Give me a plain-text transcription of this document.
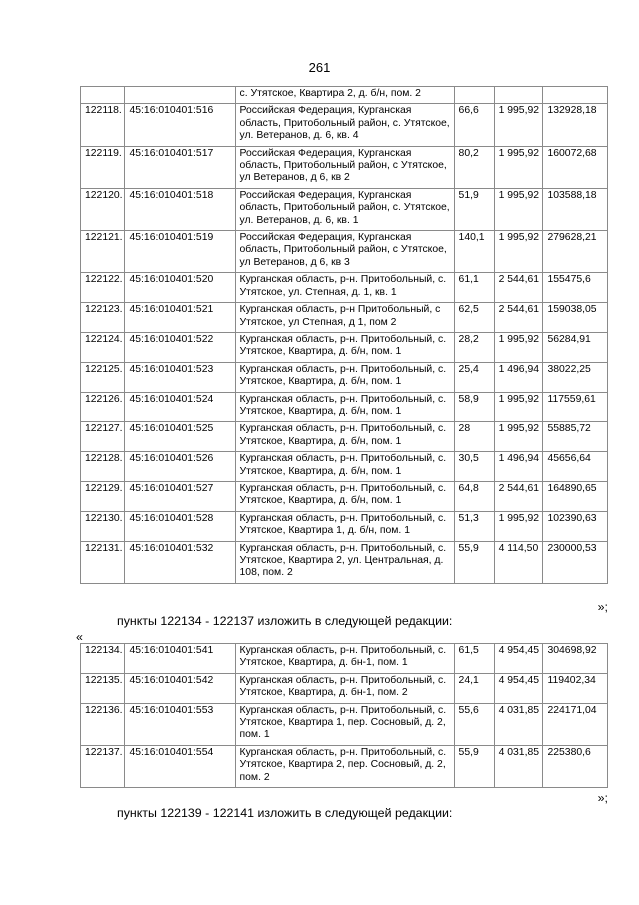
261
		с. Утятское, Квартира 2, д. б/н, пом. 2			
122118.	45:16:010401:516	Российская Федерация, Курганская область, Притобольный район, с. Утятское, ул. Ветеранов, д. 6, кв. 4	66,6	1 995,92	132928,18
122119.	45:16:010401:517	Российская Федерация, Курганская область, Притобольный район, с Утятское, ул Ветеранов, д 6, кв 2	80,2	1 995,92	160072,68
122120.	45:16:010401:518	Российская Федерация, Курганская область, Притобольный район, с. Утятское, ул. Ветеранов, д. 6, кв. 1	51,9	1 995,92	103588,18
122121.	45:16:010401:519	Российская Федерация, Курганская область, Притобольный район, с Утятское, ул Ветеранов, д 6, кв 3	140,1	1 995,92	279628,21
122122.	45:16:010401:520	Курганская область, р-н. Притобольный, с. Утятское, ул. Степная, д. 1, кв. 1	61,1	2 544,61	155475,6
122123.	45:16:010401:521	Курганская область, р-н Притобольный, с Утятское, ул Степная, д 1, пом 2	62,5	2 544,61	159038,05
122124.	45:16:010401:522	Курганская область, р-н. Притобольный, с. Утятское, Квартира, д. б/н, пом. 1	28,2	1 995,92	56284,91
122125.	45:16:010401:523	Курганская область, р-н. Притобольный, с. Утятское, Квартира, д. б/н, пом. 1	25,4	1 496,94	38022,25
122126.	45:16:010401:524	Курганская область, р-н. Притобольный, с. Утятское, Квартира, д. б/н, пом. 1	58,9	1 995,92	117559,61
122127.	45:16:010401:525	Курганская область, р-н. Притобольный, с. Утятское, Квартира, д. б/н, пом. 1	28	1 995,92	55885,72
122128.	45:16:010401:526	Курганская область, р-н. Притобольный, с. Утятское, Квартира, д. б/н, пом. 1	30,5	1 496,94	45656,64
122129.	45:16:010401:527	Курганская область, р-н. Притобольный, с. Утятское, Квартира, д. б/н, пом. 1	64,8	2 544,61	164890,65
122130.	45:16:010401:528	Курганская область, р-н. Притобольный, с. Утятское, Квартира 1, д. б/н, пом. 1	51,3	1 995,92	102390,63
122131.	45:16:010401:532	Курганская область, р-н. Притобольный, с. Утятское, Квартира 2, ул. Центральная, д. 108, пом. 2	55,9	4 114,50	230000,53
»;
пункты 122134 - 122137 изложить в следующей редакции:
«
122134.	45:16:010401:541	Курганская область, р-н. Притобольный, с. Утятское, Квартира, д. бн-1, пом. 1	61,5	4 954,45	304698,92
122135.	45:16:010401:542	Курганская область, р-н. Притобольный, с. Утятское, Квартира, д. бн-1, пом. 2	24,1	4 954,45	119402,34
122136.	45:16:010401:553	Курганская область, р-н. Притобольный, с. Утятское, Квартира 1, пер. Сосновый, д. 2, пом. 1	55,6	4 031,85	224171,04
122137.	45:16:010401:554	Курганская область, р-н. Притобольный, с. Утятское, Квартира 2, пер. Сосновый, д. 2, пом. 2	55,9	4 031,85	225380,6
»;
пункты 122139 - 122141 изложить в следующей редакции:
